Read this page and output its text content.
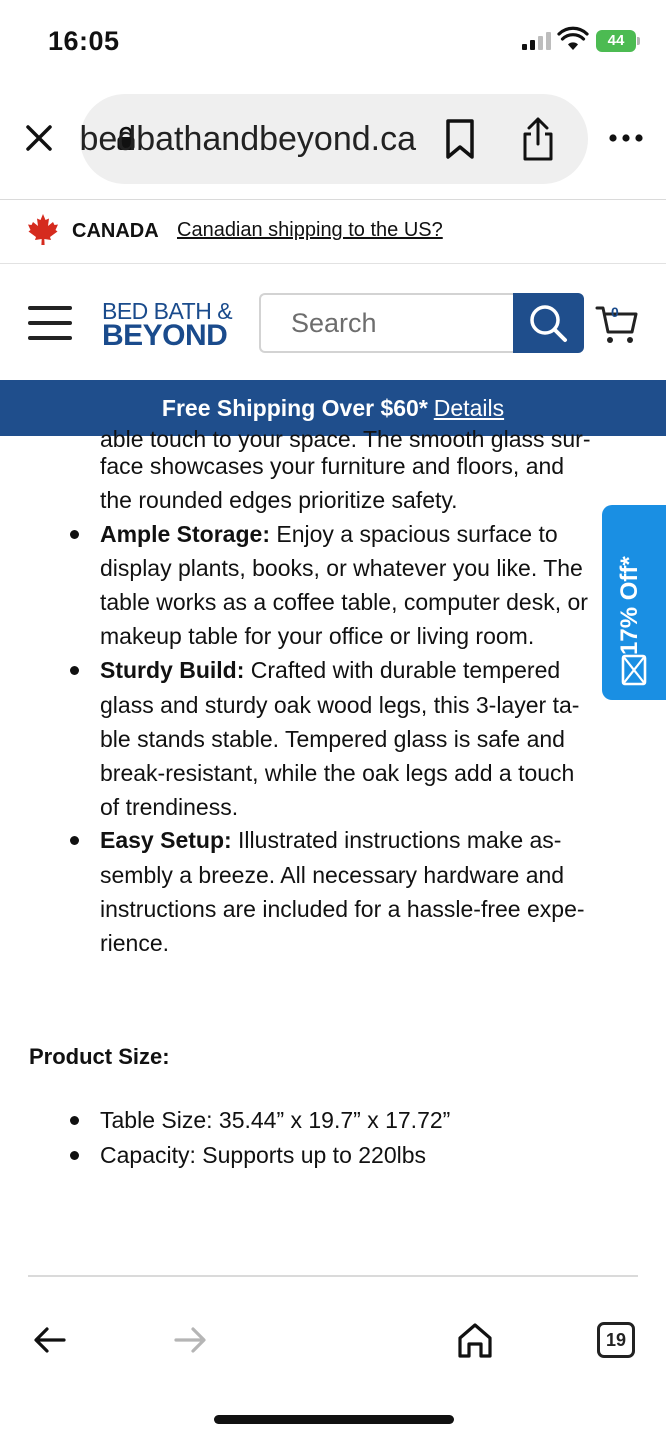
16:05	44
bedbathandbeyond.ca
CANADA Canadian shipping to the US?
BED BATH &
BEYOND
Search
0
Free Shipping Over $60* Details
able touch to your space. The smooth glass sur-
face showcases your furniture and floors, and
the rounded edges prioritize safety.
Ample Storage: Enjoy a spacious surface to
display plants, books, or whatever you like. The
table works as a coffee table, computer desk, or
makeup table for your office or living room.
Sturdy Build: Crafted with durable tempered
glass and sturdy oak wood legs, this 3-layer ta-
ble stands stable. Tempered glass is safe and
break-resistant, while the oak legs add a touch
of trendiness.
Easy Setup: Illustrated instructions make as-
sembly a breeze. All necessary hardware and
instructions are included for a hassle-free expe-
rience.
Product Size:
Table Size: 35.44” x 19.7” x 17.72”
Capacity: Supports up to 220lbs
17% Off*
19
